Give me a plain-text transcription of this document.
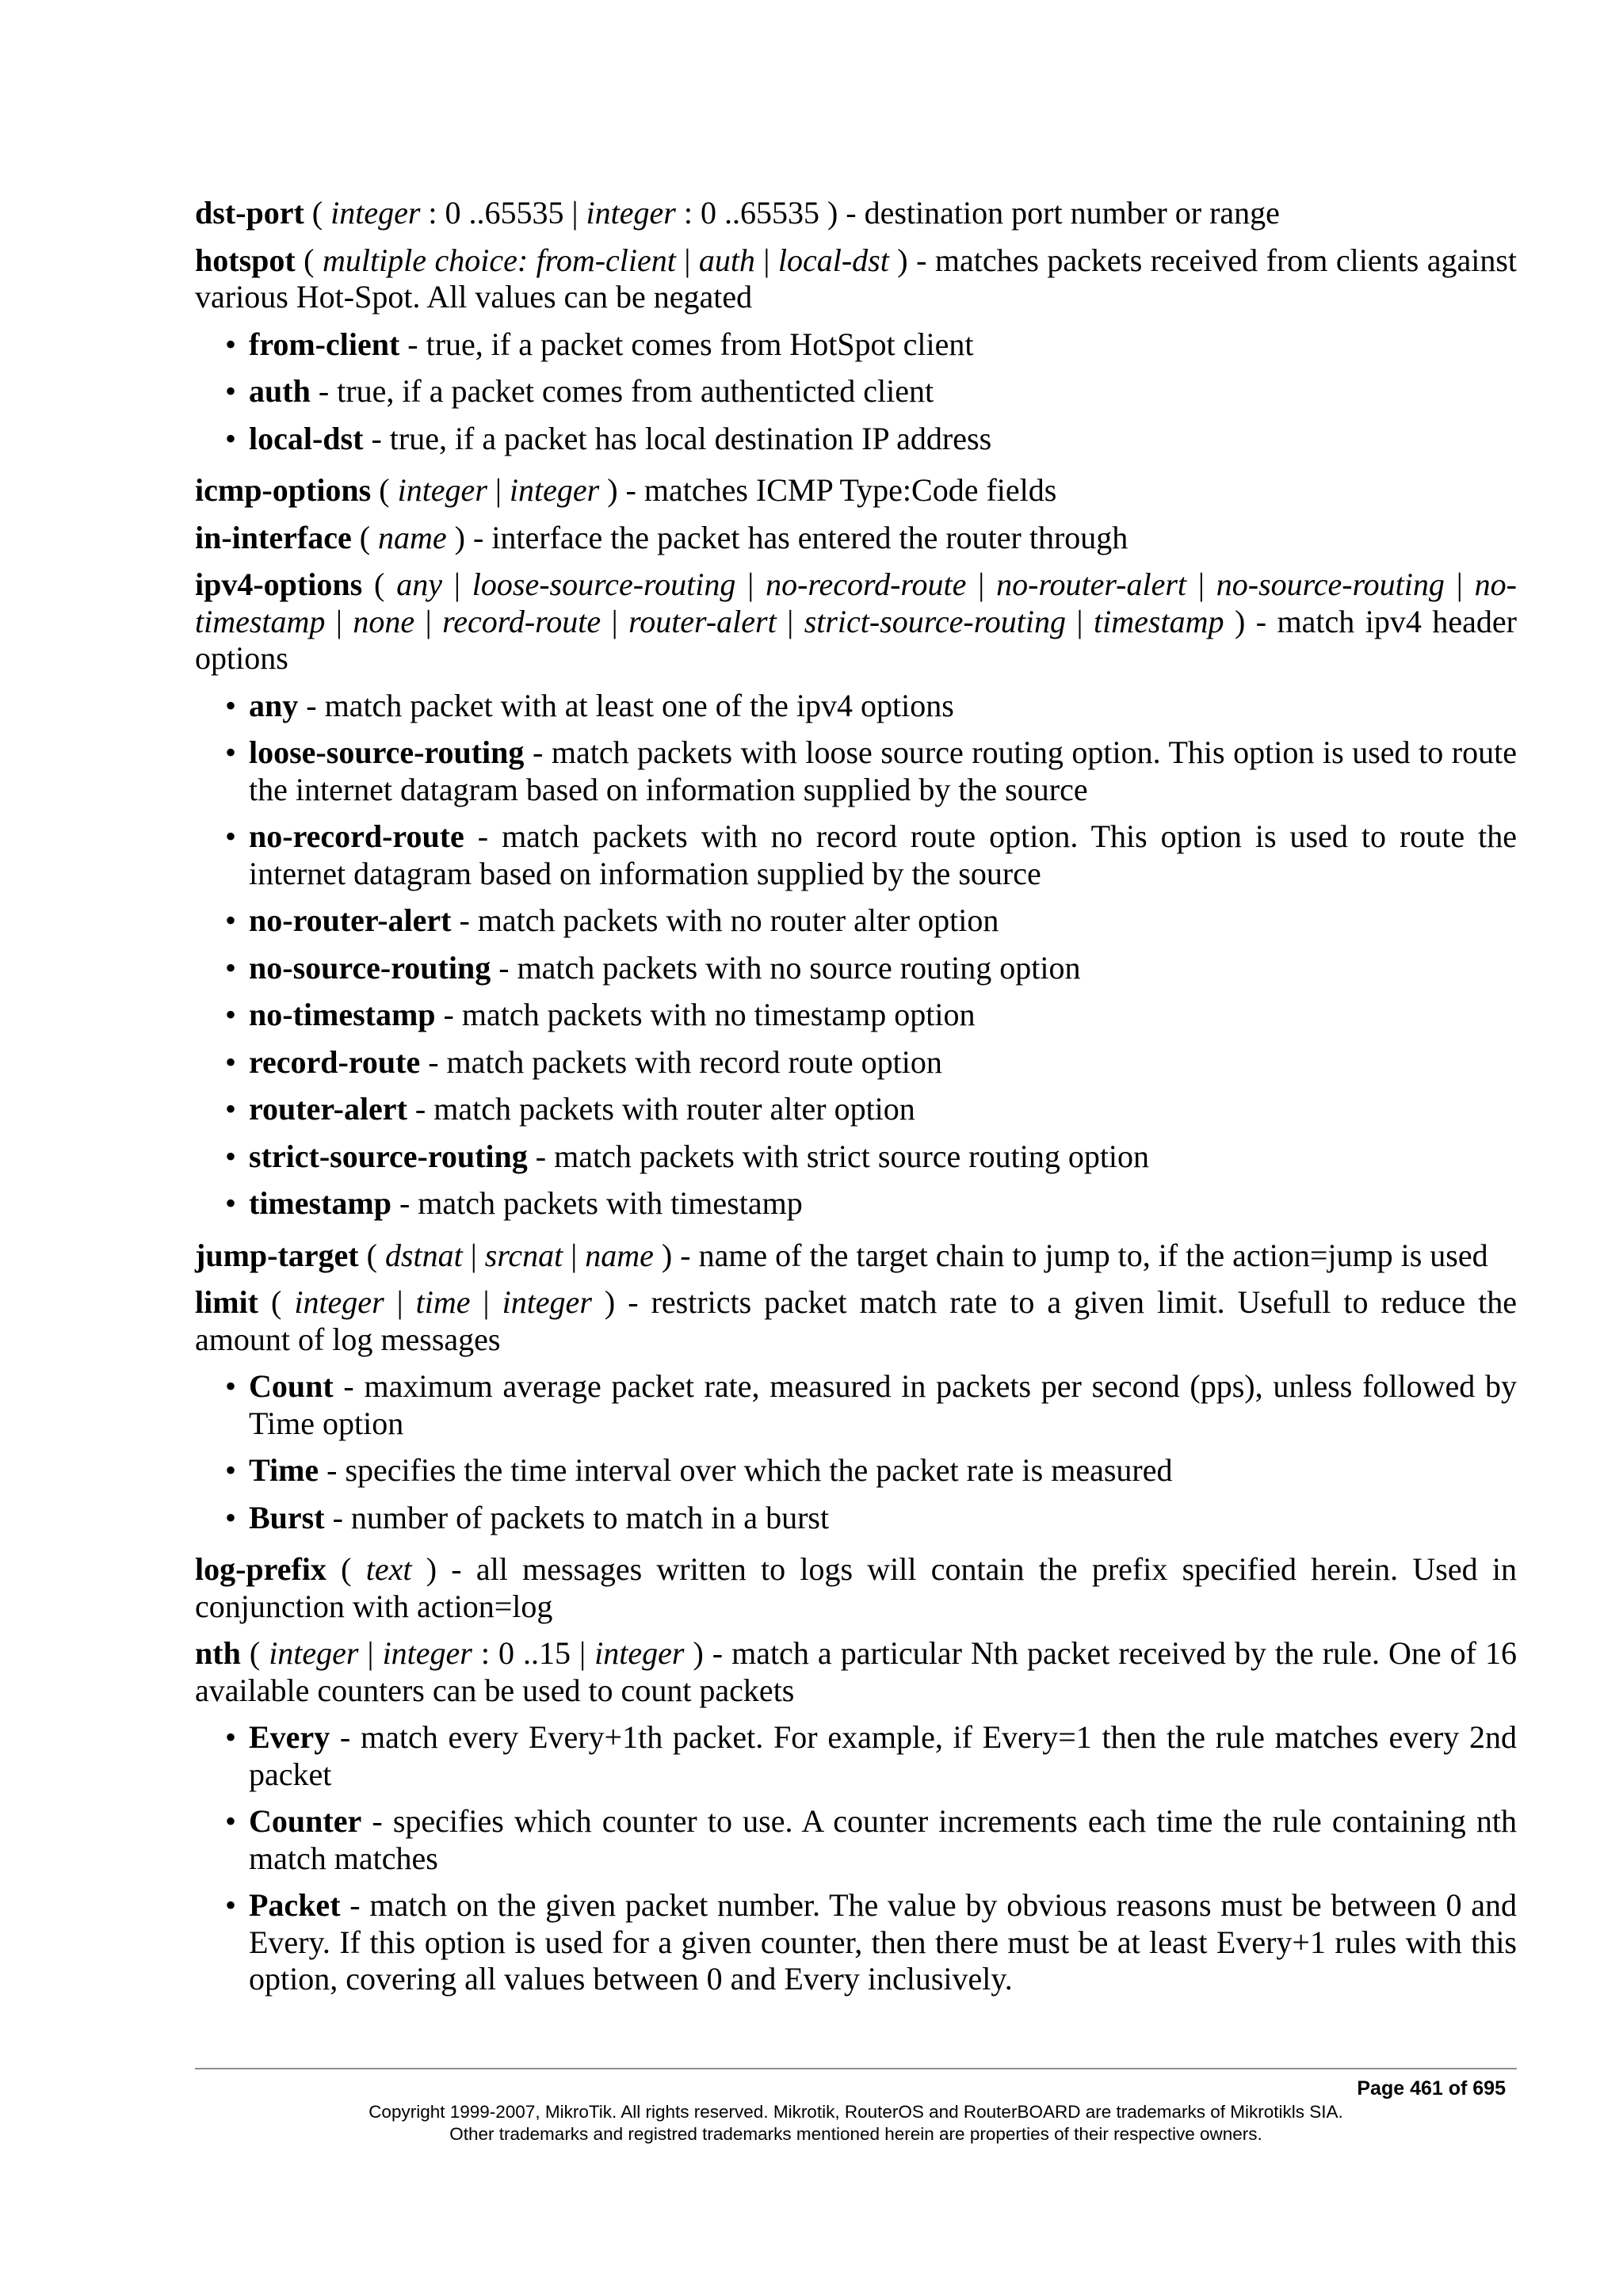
dst-port ( integer : 0 ..65535 | integer : 0 ..65535 ) - destination port number or range
hotspot ( multiple choice: from-client | auth | local-dst ) - matches packets received from clients against various Hot-Spot. All values can be negated
• from-client - true, if a packet comes from HotSpot client
• auth - true, if a packet comes from authenticted client
• local-dst - true, if a packet has local destination IP address
icmp-options ( integer | integer ) - matches ICMP Type:Code fields
in-interface ( name ) - interface the packet has entered the router through
ipv4-options ( any | loose-source-routing | no-record-route | no-router-alert | no-source-routing | no-timestamp | none | record-route | router-alert | strict-source-routing | timestamp ) - match ipv4 header options
• any - match packet with at least one of the ipv4 options
• loose-source-routing - match packets with loose source routing option. This option is used to route the internet datagram based on information supplied by the source
• no-record-route - match packets with no record route option. This option is used to route the internet datagram based on information supplied by the source
• no-router-alert - match packets with no router alter option
• no-source-routing - match packets with no source routing option
• no-timestamp - match packets with no timestamp option
• record-route - match packets with record route option
• router-alert - match packets with router alter option
• strict-source-routing - match packets with strict source routing option
• timestamp - match packets with timestamp
jump-target ( dstnat | srcnat | name ) - name of the target chain to jump to, if the action=jump is used
limit ( integer | time | integer ) - restricts packet match rate to a given limit. Usefull to reduce the amount of log messages
• Count - maximum average packet rate, measured in packets per second (pps), unless followed by Time option
• Time - specifies the time interval over which the packet rate is measured
• Burst - number of packets to match in a burst
log-prefix ( text ) - all messages written to logs will contain the prefix specified herein. Used in conjunction with action=log
nth ( integer | integer : 0 ..15 | integer ) - match a particular Nth packet received by the rule. One of 16 available counters can be used to count packets
• Every - match every Every+1th packet. For example, if Every=1 then the rule matches every 2nd packet
• Counter - specifies which counter to use. A counter increments each time the rule containing nth match matches
• Packet - match on the given packet number. The value by obvious reasons must be between 0 and Every. If this option is used for a given counter, then there must be at least Every+1 rules with this option, covering all values between 0 and Every inclusively.
Page 461 of 695
Copyright 1999-2007, MikroTik. All rights reserved. Mikrotik, RouterOS and RouterBOARD are trademarks of Mikrotikls SIA.
Other trademarks and registred trademarks mentioned herein are properties of their respective owners.
